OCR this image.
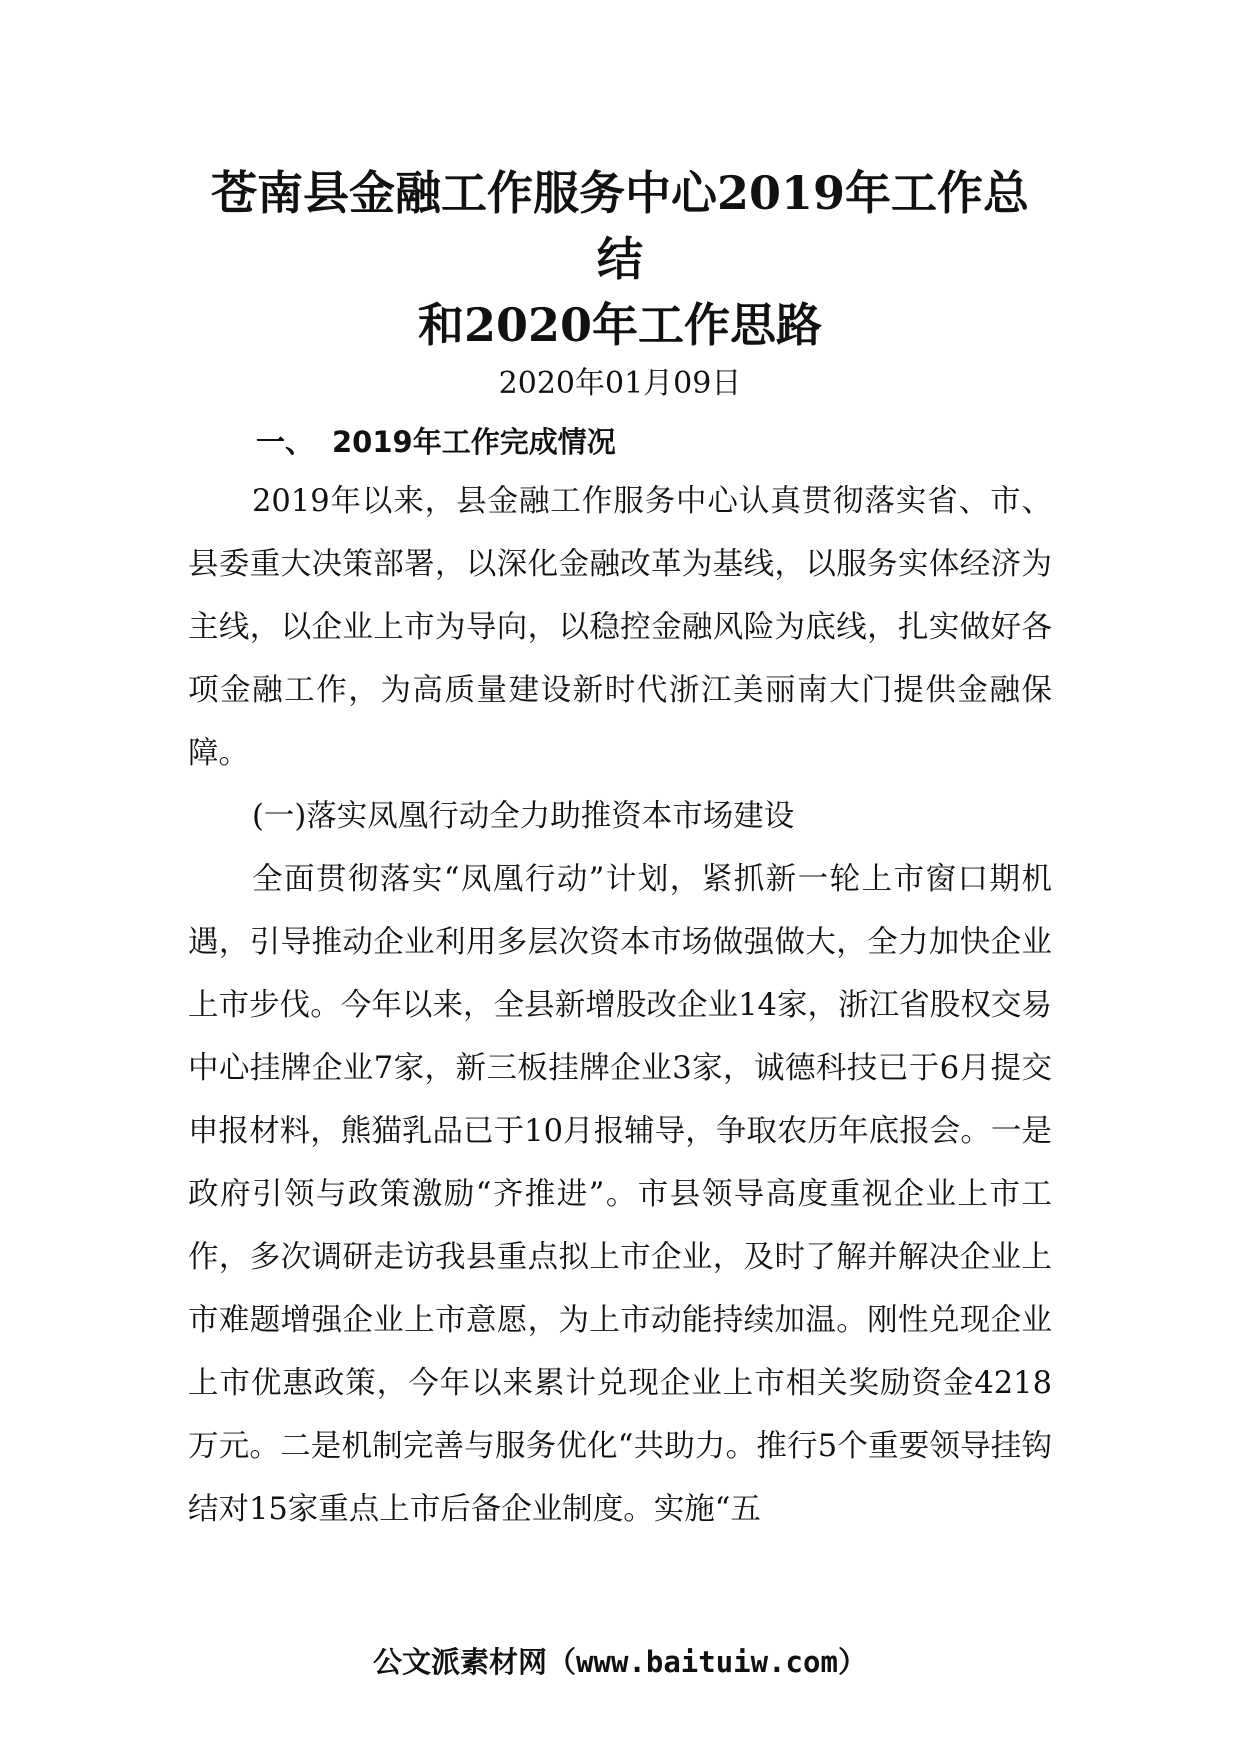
苍南县金融工作服务中心2019年工作总结
和2020年工作思路
2020年01月09日
一、 2019年工作完成情况

2019年以来，县金融工作服务中心认真贯彻落实省、市、县委重大决策部署，以深化金融改革为基线，以服务实体经济为主线，以企业上市为导向，以稳控金融风险为底线，扎实做好各项金融工作，为高质量建设新时代浙江美丽南大门提供金融保障。

(一)落实凤凰行动全力助推资本市场建设

全面贯彻落实“凤凰行动”计划，紧抓新一轮上市窗口期机遇，引导推动企业利用多层次资本市场做强做大，全力加快企业上市步伐。今年以来，全县新增股改企业14家，浙江省股权交易中心挂牌企业7家，新三板挂牌企业3家，诚德科技已于6月提交申报材料，熊猫乳品已于10月报辅导，争取农历年底报会。一是政府引领与政策激励“齐推进”。市县领导高度重视企业上市工作，多次调研走访我县重点拟上市企业，及时了解并解决企业上市难题增强企业上市意愿，为上市动能持续加温。刚性兑现企业上市优惠政策，今年以来累计兑现企业上市相关奖励资金4218万元。二是机制完善与服务优化“共助力。推行5个重要领导挂钩结对15家重点上市后备企业制度。实施“五

公文派素材网（www.baituiw.com）
